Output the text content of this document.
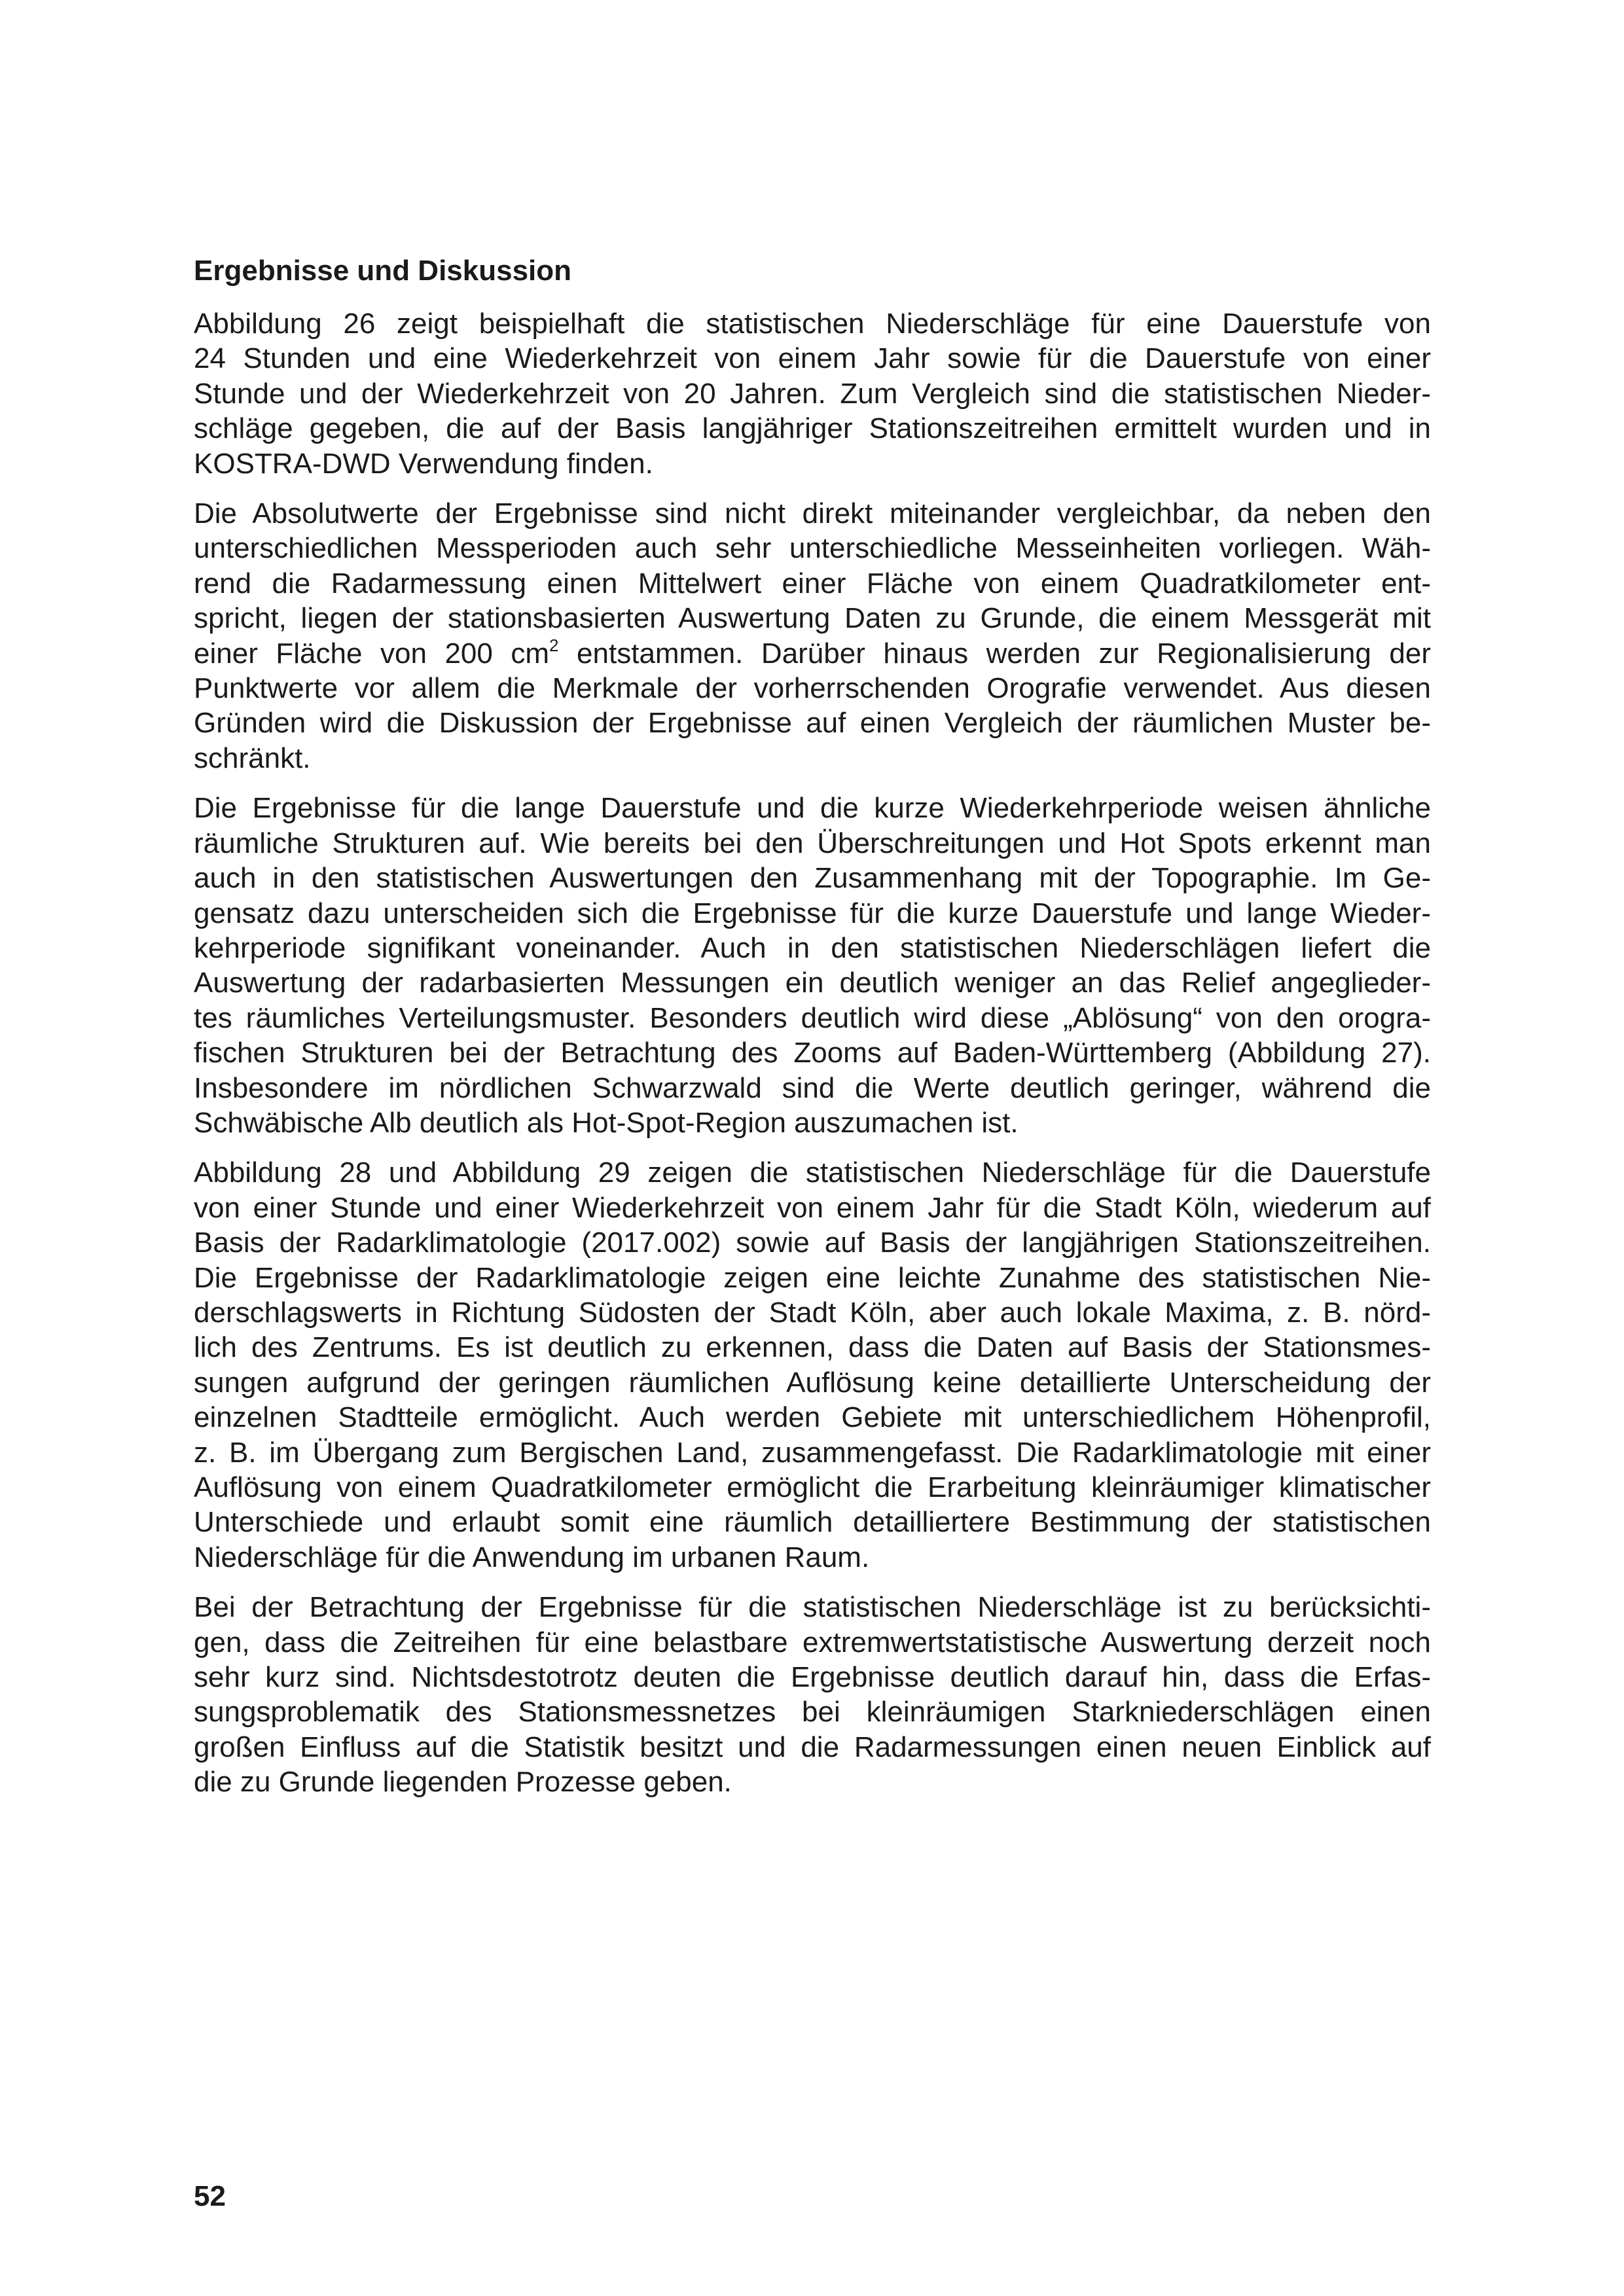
Ergebnisse und Diskussion
Abbildung 26 zeigt beispielhaft die statistischen Niederschläge für eine Dauerstufe von
24 Stunden und eine Wiederkehrzeit von einem Jahr sowie für die Dauerstufe von einer
Stunde und der Wiederkehrzeit von 20 Jahren. Zum Vergleich sind die statistischen Nieder-
schläge gegeben, die auf der Basis langjähriger Stationszeitreihen ermittelt wurden und in
KOSTRA-DWD Verwendung finden.
Die Absolutwerte der Ergebnisse sind nicht direkt miteinander vergleichbar, da neben den
unterschiedlichen Messperioden auch sehr unterschiedliche Messeinheiten vorliegen. Wäh-
rend die Radarmessung einen Mittelwert einer Fläche von einem Quadratkilometer ent-
spricht, liegen der stationsbasierten Auswertung Daten zu Grunde, die einem Messgerät mit
einer Fläche von 200 $cm^2$ entstammen. Darüber hinaus werden zur Regionalisierung der
Punktwerte vor allem die Merkmale der vorherrschenden Orografie verwendet. Aus diesen
Gründen wird die Diskussion der Ergebnisse auf einen Vergleich der räumlichen Muster be-
schränkt.
Die Ergebnisse für die lange Dauerstufe und die kurze Wiederkehrperiode weisen ähnliche
räumliche Strukturen auf. Wie bereits bei den Überschreitungen und Hot Spots erkennt man
auch in den statistischen Auswertungen den Zusammenhang mit der Topographie. Im Ge-
gensatz dazu unterscheiden sich die Ergebnisse für die kurze Dauerstufe und lange Wieder-
kehrperiode signifikant voneinander. Auch in den statistischen Niederschlägen liefert die
Auswertung der radarbasierten Messungen ein deutlich weniger an das Relief angeglieder-
tes räumliches Verteilungsmuster. Besonders deutlich wird diese „Ablösung“ von den orogra-
fischen Strukturen bei der Betrachtung des Zooms auf Baden-Württemberg (Abbildung 27).
Insbesondere im nördlichen Schwarzwald sind die Werte deutlich geringer, während die
Schwäbische Alb deutlich als Hot-Spot-Region auszumachen ist.
Abbildung 28 und Abbildung 29 zeigen die statistischen Niederschläge für die Dauerstufe
von einer Stunde und einer Wiederkehrzeit von einem Jahr für die Stadt Köln, wiederum auf
Basis der Radarklimatologie (2017.002) sowie auf Basis der langjährigen Stationszeitreihen.
Die Ergebnisse der Radarklimatologie zeigen eine leichte Zunahme des statistischen Nie-
derschlagswerts in Richtung Südosten der Stadt Köln, aber auch lokale Maxima, z. B. nörd-
lich des Zentrums. Es ist deutlich zu erkennen, dass die Daten auf Basis der Stationsmes-
sungen aufgrund der geringen räumlichen Auflösung keine detaillierte Unterscheidung der
einzelnen Stadtteile ermöglicht. Auch werden Gebiete mit unterschiedlichem Höhenprofil,
z. B. im Übergang zum Bergischen Land, zusammengefasst. Die Radarklimatologie mit einer
Auflösung von einem Quadratkilometer ermöglicht die Erarbeitung kleinräumiger klimatischer
Unterschiede und erlaubt somit eine räumlich detailliertere Bestimmung der statistischen
Niederschläge für die Anwendung im urbanen Raum.
Bei der Betrachtung der Ergebnisse für die statistischen Niederschläge ist zu berücksichti-
gen, dass die Zeitreihen für eine belastbare extremwertstatistische Auswertung derzeit noch
sehr kurz sind. Nichtsdestotrotz deuten die Ergebnisse deutlich darauf hin, dass die Erfas-
sungsproblematik des Stationsmessnetzes bei kleinräumigen Starkniederschlägen einen
großen Einfluss auf die Statistik besitzt und die Radarmessungen einen neuen Einblick auf
die zu Grunde liegenden Prozesse geben.
52
